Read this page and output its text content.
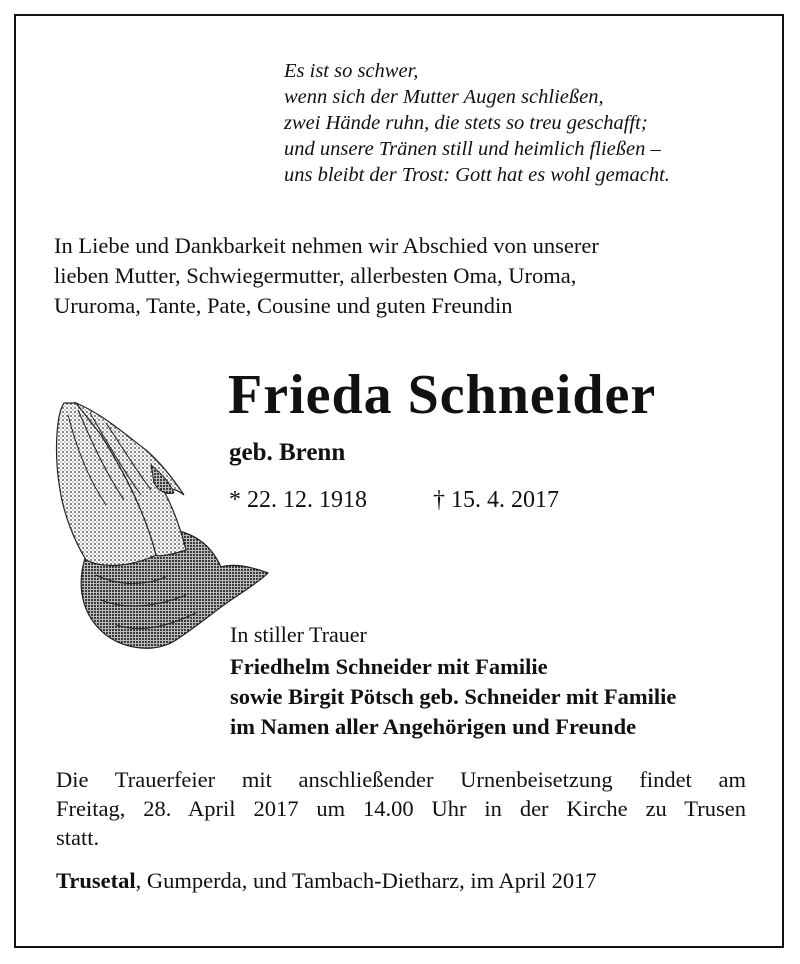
Es ist so schwer,
wenn sich der Mutter Augen schließen,
zwei Hände ruhn, die stets so treu geschafft;
und unsere Tränen still und heimlich fließen –
uns bleibt der Trost: Gott hat es wohl gemacht.
In Liebe und Dankbarkeit nehmen wir Abschied von unserer
lieben Mutter, Schwiegermutter, allerbesten Oma, Uroma,
Ururoma, Tante, Pate, Cousine und guten Freundin
Frieda Schneider
geb. Brenn
* 22. 12. 1918	† 15. 4. 2017
In stiller Trauer
Friedhelm Schneider mit Familie
sowie Birgit Pötsch geb. Schneider mit Familie
im Namen aller Angehörigen und Freunde
Die Trauerfeier mit anschließender Urnenbeisetzung findet am
Freitag, 28. April 2017 um 14.00 Uhr in der Kirche zu Trusen
statt.
Trusetal, Gumperda, und Tambach-Dietharz, im April 2017
